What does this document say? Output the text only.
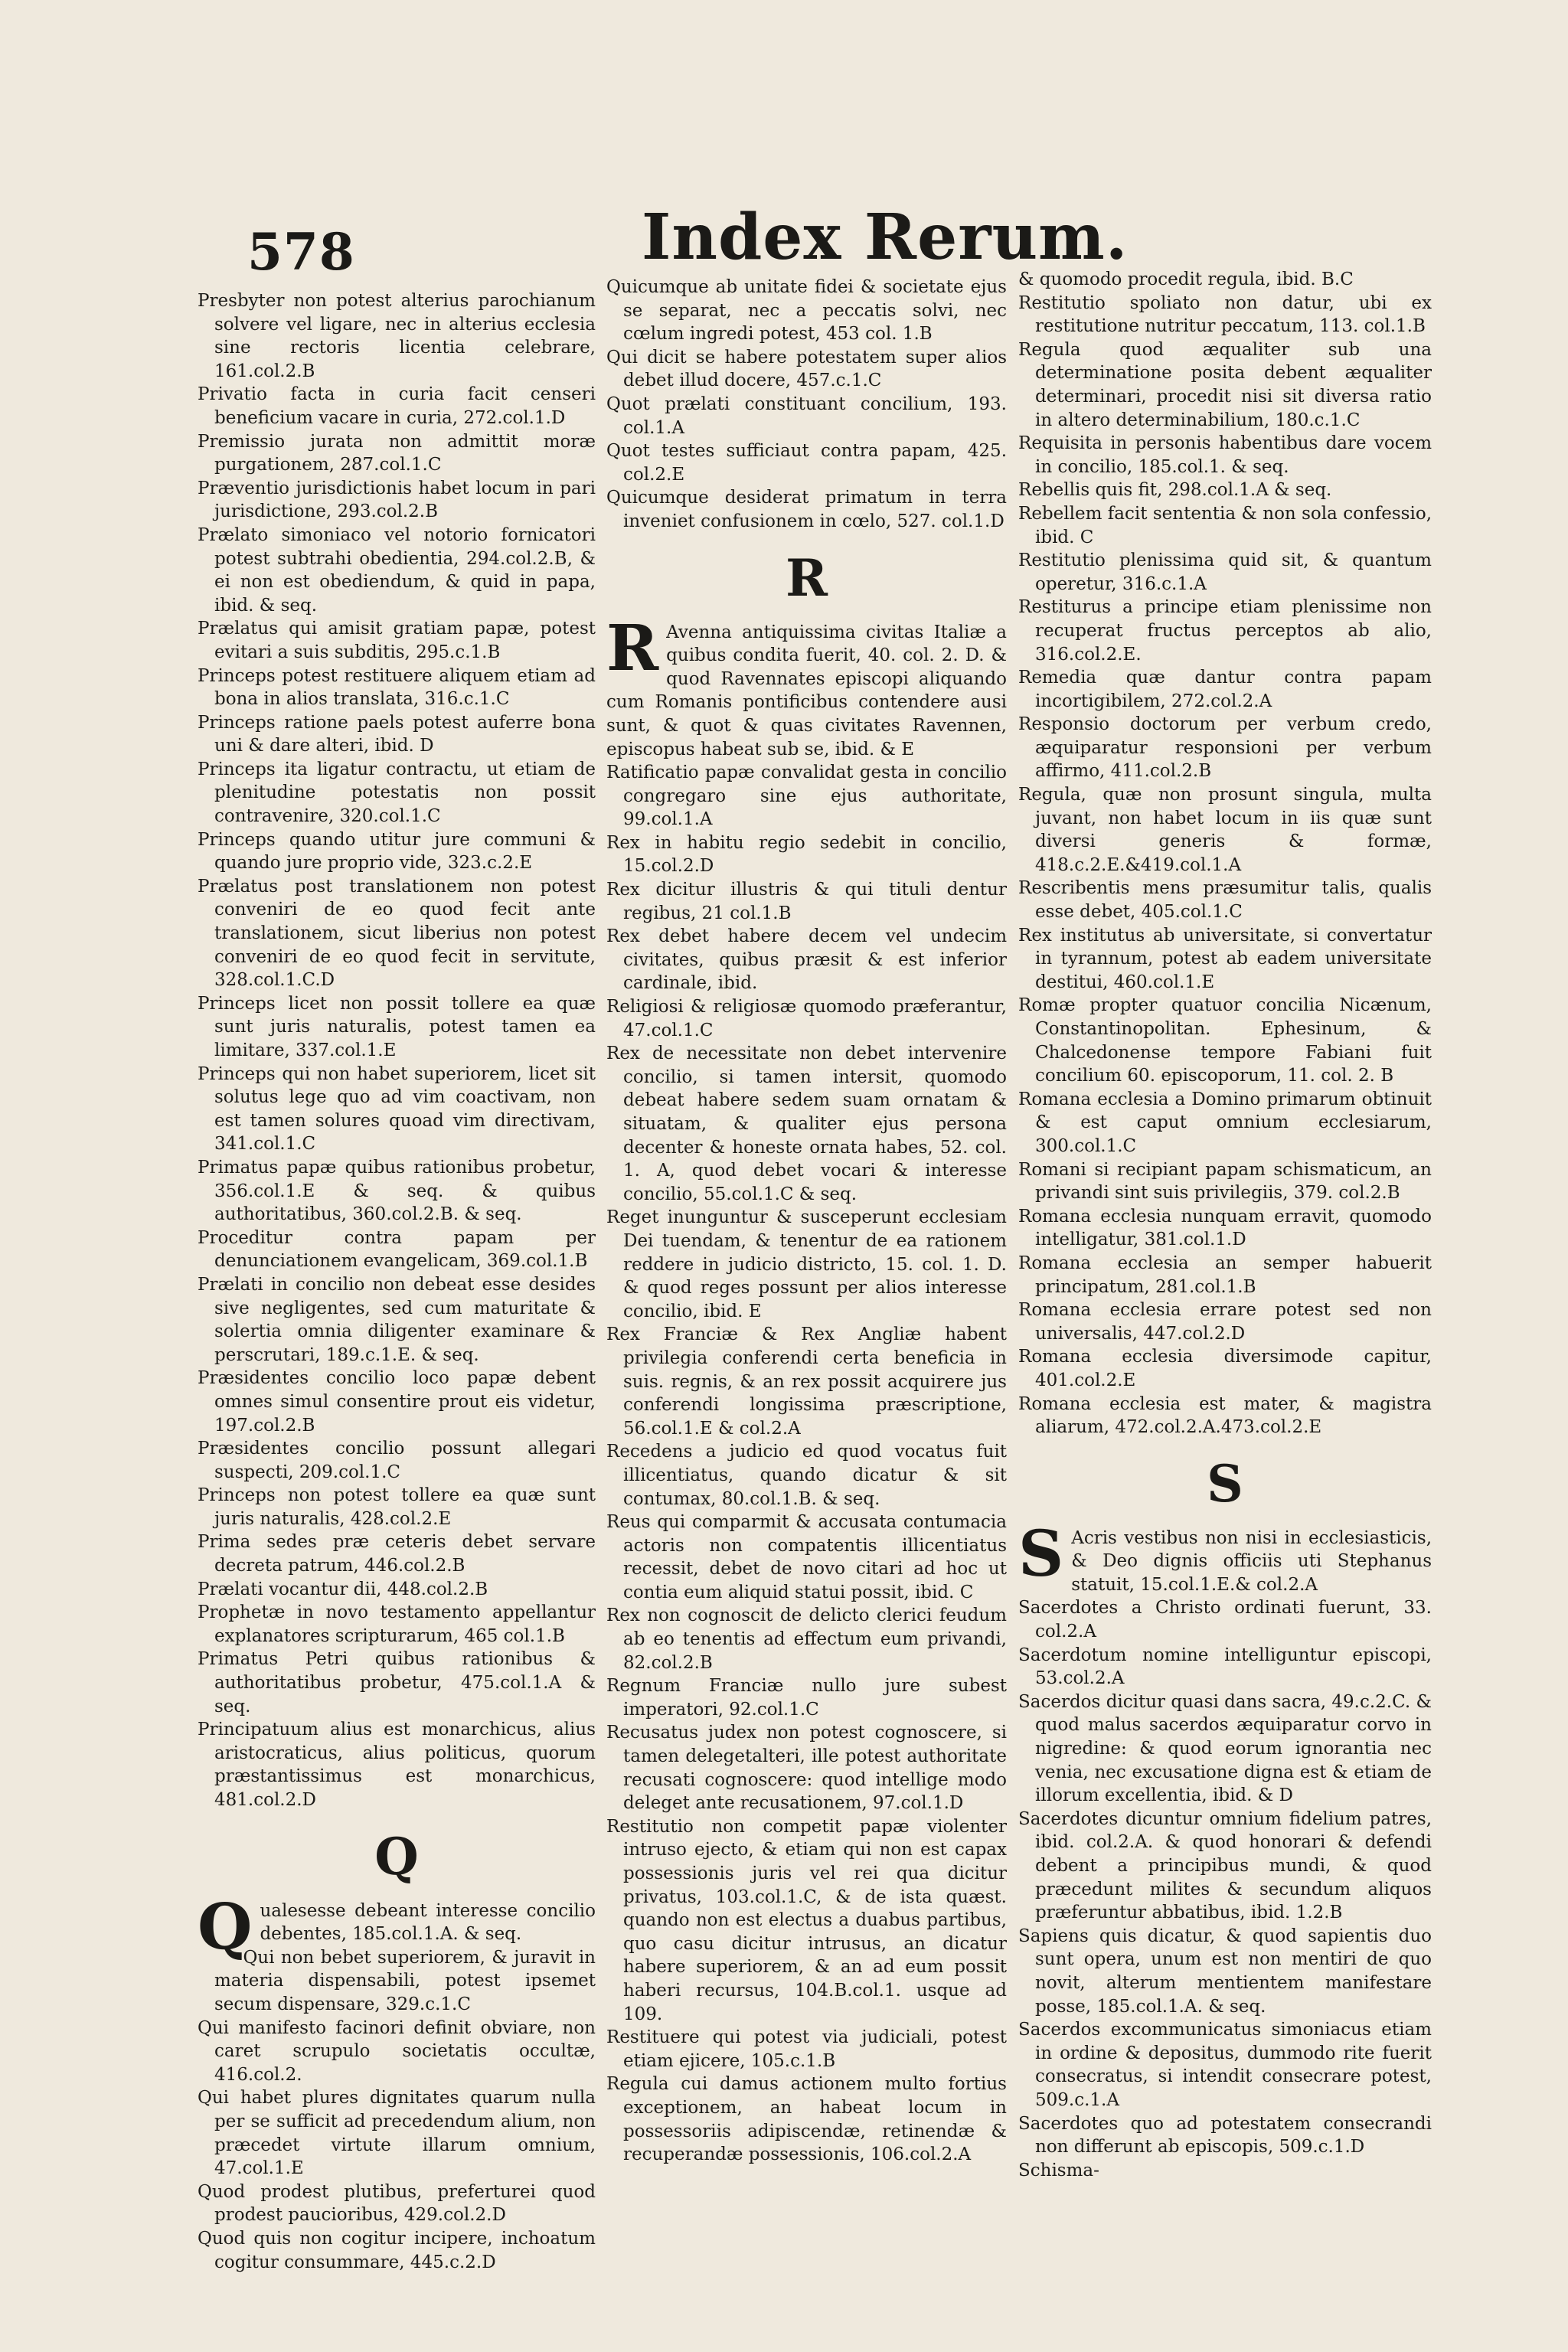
578	Index Rerum.

Presbyter non potest alterius parochianum solvere vel ligare, nec in alterius ecclesia sine rectoris licentia celebrare, 161.col.2.B

Privatio facta in curia facit censeri beneficium vacare in curia, 272.col.1.D

Premissio jurata non admittit moræ purgationem, 287.col.1.C

Præventio jurisdictionis habet locum in pari jurisdictione, 293.col.2.B

Prælato simoniaco vel notorio fornicatori potest subtrahi obedientia, 294.col.2.B, & ei non est obediendum, & quid in papa, ibid. & seq.

Prælatus qui amisit gratiam papæ, potest evitari a suis subditis, 295.c.1.B

Princeps potest restituere aliquem etiam ad bona in alios translata, 316.c.1.C

Princeps ratione paels potest auferre bona uni & dare alteri, ibid. D

Princeps ita ligatur contractu, ut etiam de plenitudine potestatis non possit contravenire, 320.col.1.C

Princeps quando utitur jure communi & quando jure proprio vide, 323.c.2.E

Prælatus post translationem non potest conveniri de eo quod fecit ante translationem, sicut liberius non potest conveniri de eo quod fecit in servitute, 328.col.1.C.D

Princeps licet non possit tollere ea quæ sunt juris naturalis, potest tamen ea limitare, 337.col.1.E

Princeps qui non habet superiorem, licet sit solutus lege quo ad vim coactivam, non est tamen solures quoad vim directivam, 341.col.1.C

Primatus papæ quibus rationibus probetur, 356.col.1.E & seq. & quibus authoritatibus, 360.col.2.B. & seq.

Proceditur contra papam per denunciationem evangelicam, 369.col.1.B

Prælati in concilio non debeat esse desides sive negligentes, sed cum maturitate & solertia omnia diligenter examinare & perscrutari, 189.c.1.E. & seq.

Præsidentes concilio loco papæ debent omnes simul consentire prout eis videtur, 197.col.2.B

Præsidentes concilio possunt allegari suspecti, 209.col.1.C

Princeps non potest tollere ea quæ sunt juris naturalis, 428.col.2.E

Prima sedes præ ceteris debet servare decreta patrum, 446.col.2.B

Prælati vocantur dii, 448.col.2.B

Prophetæ in novo testamento appellantur explanatores scripturarum, 465 col.1.B

Primatus Petri quibus rationibus & authoritatibus probetur, 475.col.1.A & seq.

Principatuum alius est monarchicus, alius aristocraticus, alius politicus, quorum præstantissimus est monarchicus, 481.col.2.D

Q

Qualesesse debeant interesse concilio debentes, 185.col.1.A. & seq.

Qui non bebet superiorem, & juravit in materia dispensabili, potest ipsemet secum dispensare, 329.c.1.C

Qui manifesto facinori definit obviare, non caret scrupulo societatis occultæ, 416.col.2.

Qui habet plures dignitates quarum nulla per se sufficit ad precedendum alium, non præcedet virtute illarum omnium, 47.col.1.E

Quod prodest plutibus, preferturei quod prodest paucioribus, 429.col.2.D

Quod quis non cogitur incipere, inchoatum cogitur consummare, 445.c.2.D

Quicumque ab unitate fidei & societate ejus se separat, nec a peccatis solvi, nec cœlum ingredi potest, 453 col. 1.B

Qui dicit se habere potestatem super alios debet illud docere, 457.c.1.C

Quot prælati constituant concilium, 193. col.1.A

Quot testes sufficiaut contra papam, 425. col.2.E

Quicumque desiderat primatum in terra inveniet confusionem in cœlo, 527. col.1.D

R

R Avenna antiquissima civitas Italiæ a quibus condita fuerit, 40. col. 2. D. & quod Ravennates episcopi aliquando cum Romanis pontificibus contendere ausi sunt, & quot & quas civitates Ravennen, episcopus habeat sub se, ibid. & E

Ratificatio papæ convalidat gesta in concilio congregaro sine ejus authoritate, 99.col.1.A

Rex in habitu regio sedebit in concilio, 15.col.2.D

Rex dicitur illustris & qui tituli dentur regibus, 21 col.1.B

Rex debet habere decem vel undecim civitates, quibus præsit & est inferior cardinale, ibid.

Religiosi & religiosæ quomodo præferantur, 47.col.1.C

Rex de necessitate non debet intervenire concilio, si tamen intersit, quomodo debeat habere sedem suam ornatam & situatam, & qualiter ejus persona decenter & honeste ornata habes, 52. col. 1. A, quod debet vocari & interesse concilio, 55.col.1.C & seq.

Reget inunguntur & susceperunt ecclesiam Dei tuendam, & tenentur de ea rationem reddere in judicio districto, 15. col. 1. D. & quod reges possunt per alios interesse concilio, ibid. E

Rex Franciæ & Rex Angliæ habent privilegia conferendi certa beneficia in suis. regnis, & an rex possit acquirere jus conferendi longissima præscriptione, 56.col.1.E & col.2.A

Recedens a judicio ed quod vocatus fuit illicentiatus, quando dicatur & sit contumax, 80.col.1.B. & seq.

Reus qui comparmit & accusata contumacia actoris non compatentis illicentiatus recessit, debet de novo citari ad hoc ut contia eum aliquid statui possit, ibid. C

Rex non cognoscit de delicto clerici feudum ab eo tenentis ad effectum eum privandi, 82.col.2.B

Regnum Franciæ nullo jure subest imperatori, 92.col.1.C

Recusatus judex non potest cognoscere, si tamen delegetalteri, ille potest authoritate recusati cognoscere: quod intellige modo deleget ante recusationem, 97.col.1.D

Restitutio non competit papæ violenter intruso ejecto, & etiam qui non est capax possessionis juris vel rei qua dicitur privatus, 103.col.1.C, & de ista quæst. quando non est electus a duabus partibus, quo casu dicitur intrusus, an dicatur habere superiorem, & an ad eum possit haberi recursus, 104.B.col.1. usque ad 109.

Restituere qui potest via judiciali, potest etiam ejicere, 105.c.1.B

Regula cui damus actionem multo fortius exceptionem, an habeat locum in possessoriis adipiscendæ, retinendæ & recuperandæ possessionis, 106.col.2.A

& quomodo procedit regula, ibid. B.C

Restitutio spoliato non datur, ubi ex restitutione nutritur peccatum, 113. col.1.B

Regula quod æqualiter sub una determinatione posita debent æqualiter determinari, procedit nisi sit diversa ratio in altero determinabilium, 180.c.1.C

Requisita in personis habentibus dare vocem in concilio, 185.col.1. & seq.

Rebellis quis fit, 298.col.1.A & seq.

Rebellem facit sententia & non sola confessio, ibid. C

Restitutio plenissima quid sit, & quantum operetur, 316.c.1.A

Restiturus a principe etiam plenissime non recuperat fructus perceptos ab alio, 316.col.2.E.

Remedia quæ dantur contra papam incortigibilem, 272.col.2.A

Responsio doctorum per verbum credo, æquiparatur responsioni per verbum affirmo, 411.col.2.B

Regula, quæ non prosunt singula, multa juvant, non habet locum in iis quæ sunt diversi generis & formæ, 418.c.2.E.&419.col.1.A

Rescribentis mens præsumitur talis, qualis esse debet, 405.col.1.C

Rex institutus ab universitate, si convertatur in tyrannum, potest ab eadem universitate destitui, 460.col.1.E

Romæ propter quatuor concilia Nicænum, Constantinopolitan. Ephesinum, & Chalcedonense tempore Fabiani fuit concilium 60. episcoporum, 11. col. 2. B

Romana ecclesia a Domino primarum obtinuit & est caput omnium ecclesiarum, 300.col.1.C

Romani si recipiant papam schismaticum, an privandi sint suis privilegiis, 379. col.2.B

Romana ecclesia nunquam erravit, quomodo intelligatur, 381.col.1.D

Romana ecclesia an semper habuerit principatum, 281.col.1.B

Romana ecclesia errare potest sed non universalis, 447.col.2.D

Romana ecclesia diversimode capitur, 401.col.2.E

Romana ecclesia est mater, & magistra aliarum, 472.col.2.A.473.col.2.E

S

S Acris vestibus non nisi in ecclesiasticis, & Deo dignis officiis uti Stephanus statuit, 15.col.1.E.& col.2.A

Sacerdotes a Christo ordinati fuerunt, 33. col.2.A

Sacerdotum nomine intelliguntur episcopi, 53.col.2.A

Sacerdos dicitur quasi dans sacra, 49.c.2.C. & quod malus sacerdos æquiparatur corvo in nigredine: & quod eorum ignorantia nec venia, nec excusatione digna est & etiam de illorum excellentia, ibid. & D

Sacerdotes dicuntur omnium fidelium patres, ibid. col.2.A. & quod honorari & defendi debent a principibus mundi, & quod præcedunt milites & secundum aliquos præferuntur abbatibus, ibid. 1.2.B

Sapiens quis dicatur, & quod sapientis duo sunt opera, unum est non mentiri de quo novit, alterum mentientem manifestare posse, 185.col.1.A. & seq.

Sacerdos excommunicatus simoniacus etiam in ordine & depositus, dummodo rite fuerit consecratus, si intendit consecrare potest, 509.c.1.A

Sacerdotes quo ad potestatem consecrandi non differunt ab episcopis, 509.c.1.D

Schisma-
